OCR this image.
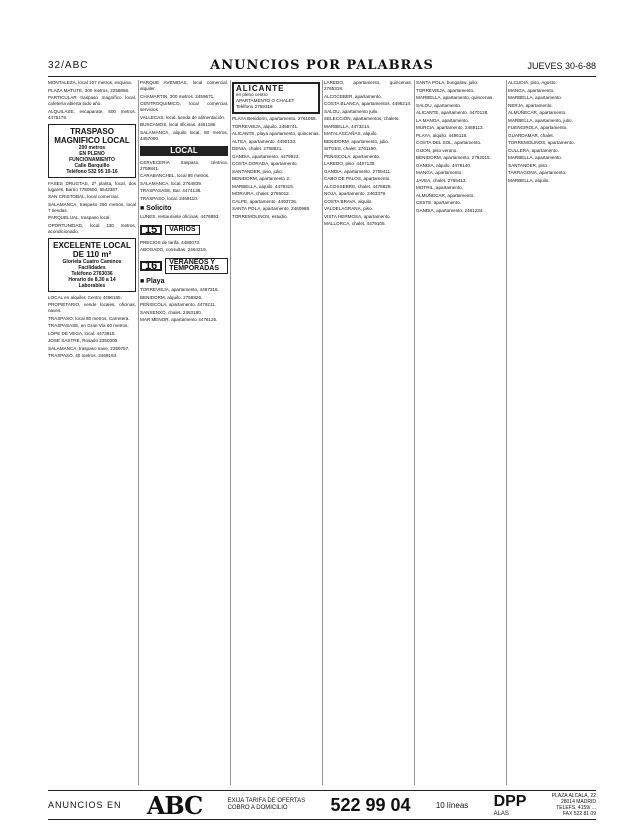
32/ABC	ANUNCIOS POR PALABRAS	JUEVES 30-6-88

MONTALEZA, local 107 metros, esquina.

PLAZA MATUTE, 300 metros, 2258856.

PARTICULAR traspaso magnífico local, cafetería abierta todo año.

ALQUILASE, escaparate, 500 metros. 4475179.

TRASPASO
MAGNIFICO LOCAL
200 metros
EN PLENO
FUNCIONAMIENTO
Calle Barquillo
Teléfono 532 95 10-16

FASES DRUGTAS, 2ª planta, local, dos lugares. Barrio 7780500, 5542387.

SAN CRISTOBAL, local comercial.

SALAMANCA, traspaso 260 metros, local 7 tiendas.

PARQUELUAL, traspaso local.

OPORTUNIDAD, local 130 metros, acondicionado.

EXCELENTE LOCAL
DE 110 m²
Glorieta Cuatro Caminos
Facilidades
Teléfono 2763036
Horario de 8,30 a 14
Laborables

LOCAL en alquiler. Centro 4496165.

PROPIETARIO, vende locales, oficinas, naves.

TRASPASO, local 80 metros. Carretera.

TRASPASASE, en Gran Vía 60 metros.

LOPE DE VEGA, local. 4473815.

JOSE SASTRE, Rosado 2350300.

SALAMANCA, traspaso nave, 2269757.

TRASPASO, 40 metros. 2469163.

PARQUE AVENIDAS, local comercial, alquiler.

CHAMARTIN, 300 metros. 2459671.

CENTROQUIMICO, local comercial, servicios.

VALLECAS, local, tienda de alimentación.

BUSCAMOS, local oficinas. 4451186.

SALAMANCA, alquilo local, 80 metros, 4457000.

LOCAL

CERVECERIA traspaso, céntrica. 2759841.

CARABANCHEL, local 85 metros.

SALAMANCA, local. 2764839.

TRASPASASE, Bar. 4474138.

TRASPASO, local. 2469110.

■ Solicito

LUNES, restaurante oficinas. 4476893.

15	VARIOS

PRECIOS de tarifa. 4480073.

ABOGADO, consultas. 2464219.

16	VERANEOS Y TEMPORADAS
■ Playa

TORREVIEJA, apartamento, 4497316.

BENIDORM, alquilo. 2758826.

PEÑISCOLA, apartamento. 4479211.

SANXENXO, chalet. 2463180.

MAR MENOR, apartamento 4476125.

ALICANTE
en pleno centro
APARTAMENTO O CHALET
Teléfono 2759318

PLAYA Benidorm, apartamento. 2761055.

TORREVIEJA, alquilo. 2458741.

ALICANTE, playa apartamento, quincenas.

ALTEA, apartamento. 4490133.

DENIA, chalet. 2768821.

GANDIA, apartamento. 4479923.

COSTA DORADA, apartamento.

SANTANDER, piso, julio.

BENIDORM, apartamento 2.

MARBELLA, alquilo. 4479315.

MORAIRA, chalet. 2765012.

CALPE, apartamento. 4493726.

SANTA POLA, apartamento. 2460988.

TORREMOLINOS, estudio.

LAREDO, apartamento, quincenas. 2765318.

ALCOCEBER, apartamento.

COSTA BLANCA, apartamentos. 4496214.

SALOU, apartamento julio.

SELECCION, apartamentos, chalets.

MARBELLA, 4473214.

MATALASCAÑAS, alquilo.

BENIDORM, apartamento, julio.

SITGES, chalet. 2761190.

PEÑISCOLA, apartamento.

LAREDO, piso. 4487130.

GANDIA, apartamento. 2759411.

CABO DE PALOS, apartamento.

ALCOSSEBRE, chalet. 4478829.

NOJA, apartamento. 2463379.

COSTA BRAVA, alquilo.

VALDELAGRANA, piso.

VISTA HERMOSA, apartamento.

MALLORCA, chalet. 4479105.

SANTA POLA, bungalow, julio.

TORREVIEJA, apartamento.

MARBELLA, apartamento, quincenas.

SALOU, apartamento.

ALICANTE, apartamento. 4470128.

LA MANGA, apartamento.

MURCIA, apartamento. 2469113.

PLAYA, alquilo. 4496118.

COSTA DEL SOL, apartamento.

GIJON, piso verano.

BENIDORM, apartamento. 2762015.

GANDIA, alquilo. 4478140.

MANGA, apartamento.

JAVEA, chalet. 2765413.

MOTRIL, apartamento.

ALMUÑECAR, apartamento.

CESTE, apartamento.

GANDIA, apartamento. 2461234.

ALCUDIA, piso, Agosto.

MANGA, apartamento.

MARBELLA, apartamento.

NERJA, apartamento.

ALMUÑECAR, apartamento.

MARBELLA, apartamento, julio.

FUENGIROLA, apartamento.

GUARDAMAR, chalet.

TORREMOLINOS, apartamento.

CULLERA, apartamento.

MARBELLA, apartamento.

SANTANDER, piso.

TARRAGONA, apartamento.

MARBELLA, alquilo.

ANUNCIOS EN ABC	EXIJA TARIFA DE OFERTAS
COBRO A DOMICILIO	522 99 04	10 líneas DPP
ALAS
PLAZA ALCALA, 22
28014 MADRID
TELEFS. 4159/ ...
FAX 522 81 09
